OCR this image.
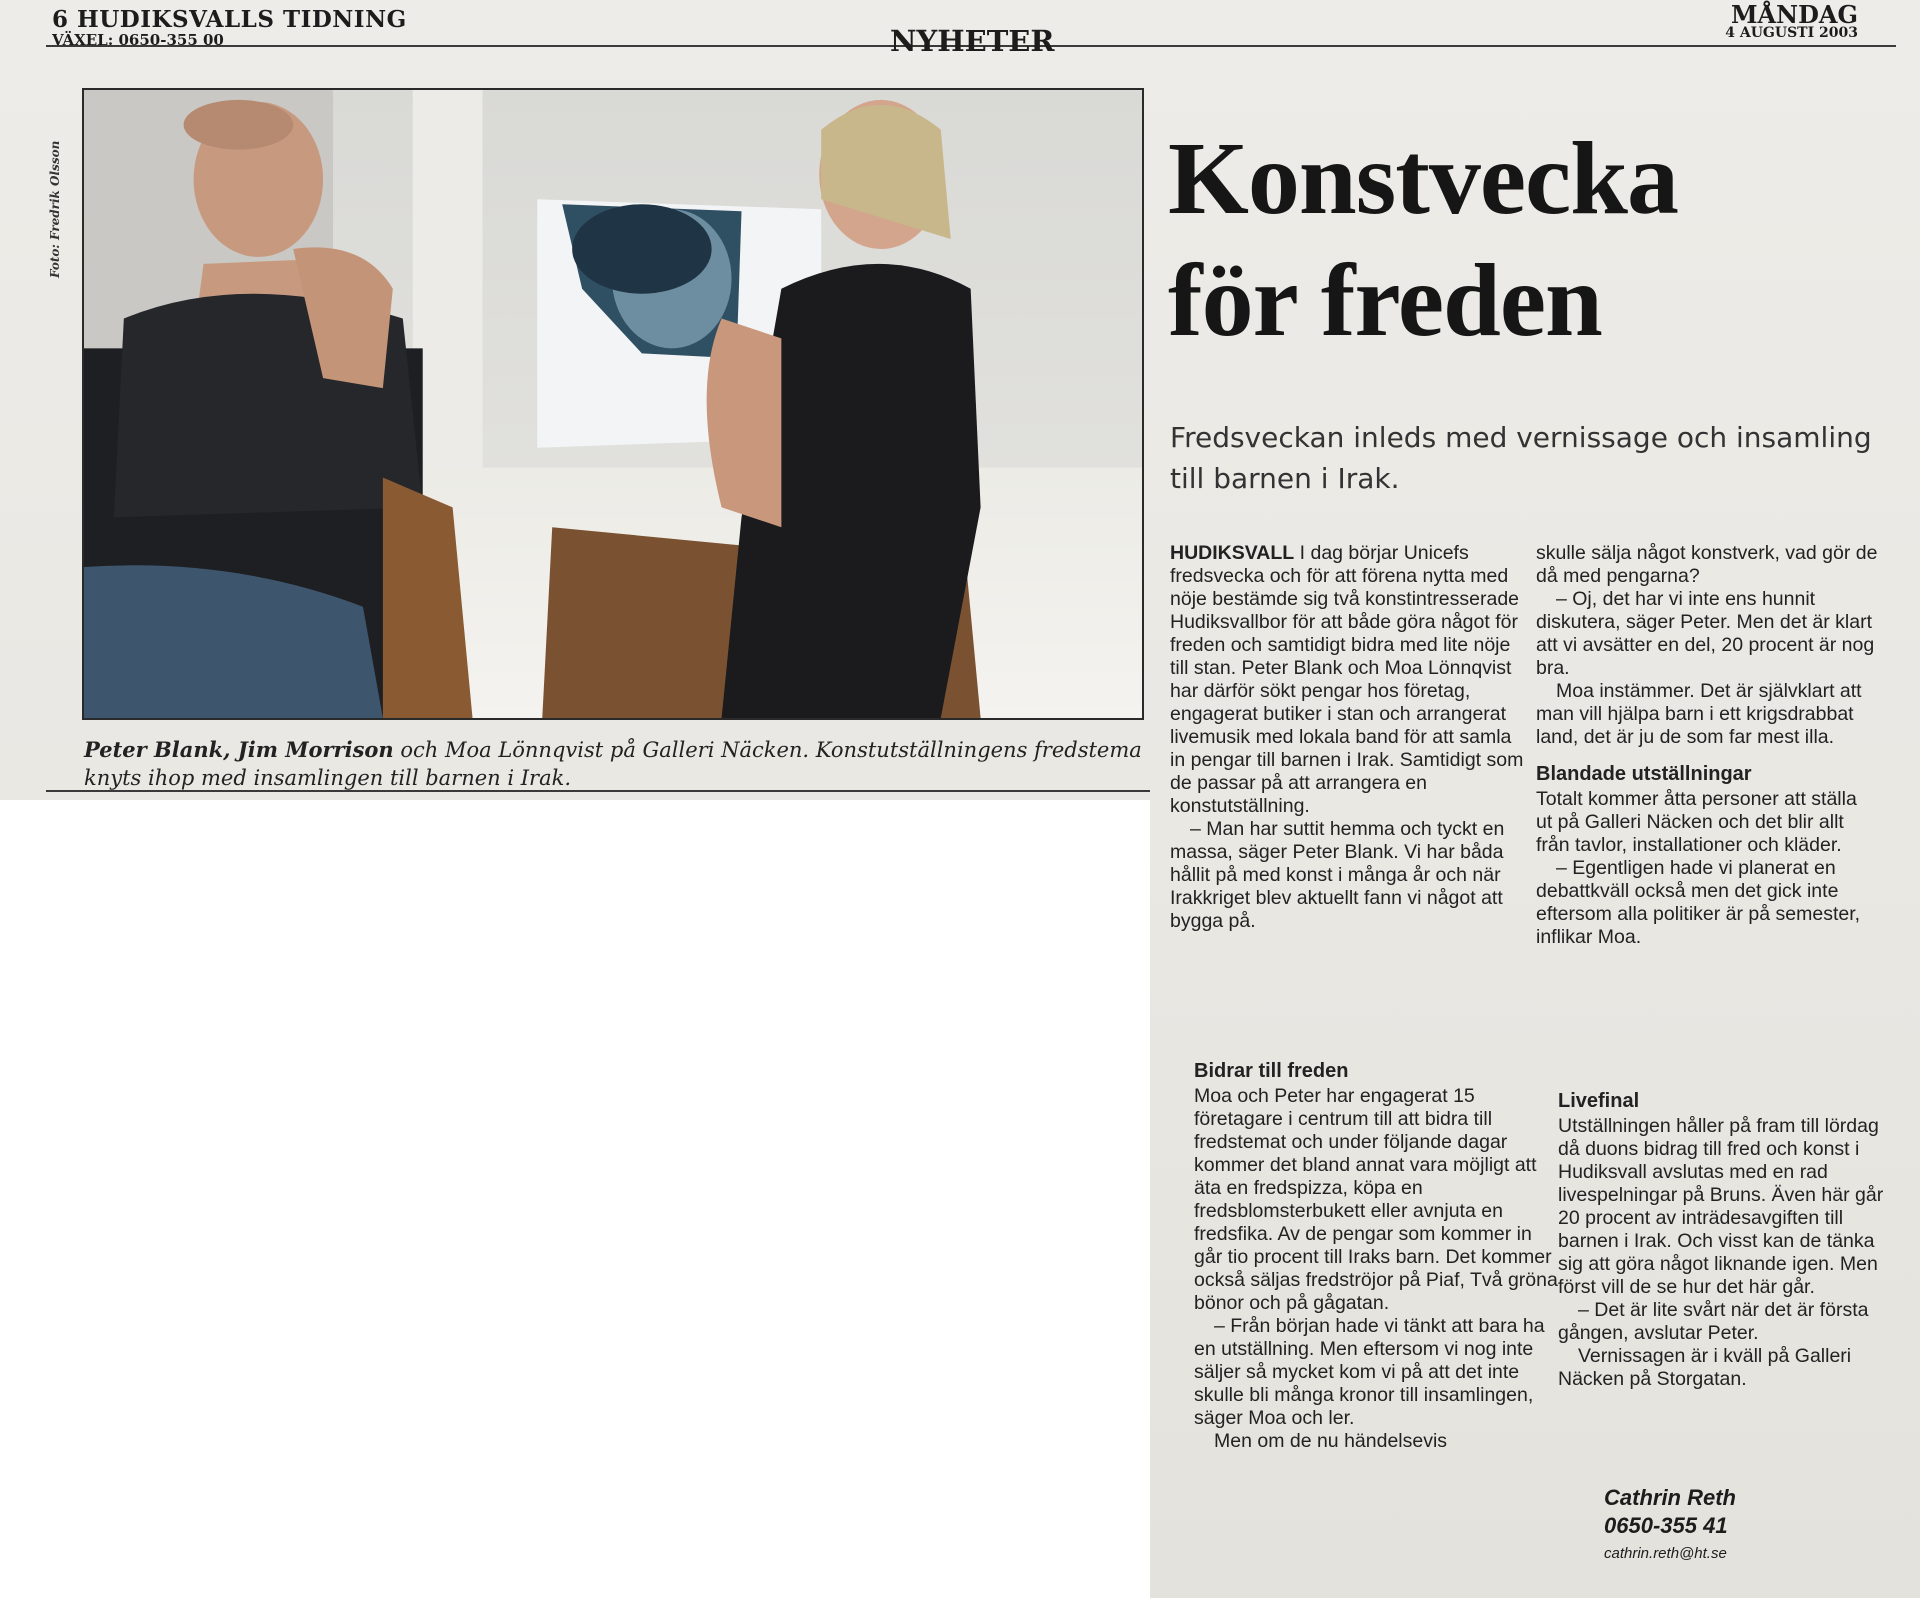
6 HUDIKSVALLS TIDNING
VÄXEL: 0650-355 00	NYHETER
MÅNDAG
4 AUGUSTI 2003
Foto: Fredrik Olsson
Peter Blank, Jim Morrison och Moa Lönnqvist på Galleri Näcken. Konstutställningens fredstema knyts ihop med insamlingen till barnen i Irak.
Konstvecka
för freden
Fredsveckan inleds med vernissage och insamling
till barnen i Irak.

HUDIKSVALL I dag börjar Unicefs fredsvecka och för att förena nytta med nöje bestämde sig två konstintresserade Hudiksvallbor för att både göra något för freden och samtidigt bidra med lite nöje till stan. Peter Blank och Moa Lönnqvist har därför sökt pengar hos företag, engagerat butiker i stan och arrangerat livemusik med lokala band för att samla in pengar till barnen i Irak. Samtidigt som de passar på att arrangera en konstutställning.

– Man har suttit hemma och tyckt en massa, säger Peter Blank. Vi har båda hållit på med konst i många år och när Irakkriget blev aktuellt fann vi något att bygga på.

Bidrar till freden

Moa och Peter har engagerat 15 företagare i centrum till att bidra till fredstemat och under följande dagar kommer det bland annat vara möjligt att äta en fredspizza, köpa en fredsblomsterbukett eller avnjuta en fredsfika. Av de pengar som kommer in går tio procent till Iraks barn. Det kommer också säljas fredströjor på Piaf, Två gröna bönor och på gågatan.

– Från början hade vi tänkt att bara ha en utställning. Men eftersom vi nog inte säljer så mycket kom vi på att det inte skulle bli många kronor till insamlingen, säger Moa och ler.

Men om de nu händelsevis

skulle sälja något konstverk, vad gör de då med pengarna?

– Oj, det har vi inte ens hunnit diskutera, säger Peter. Men det är klart att vi avsätter en del, 20 procent är nog bra.

Moa instämmer. Det är självklart att man vill hjälpa barn i ett krigsdrabbat land, det är ju de som far mest illa.

Blandade utställningar

Totalt kommer åtta personer att ställa ut på Galleri Näcken och det blir allt från tavlor, installationer och kläder.

– Egentligen hade vi planerat en debattkväll också men det gick inte eftersom alla politiker är på semester, inflikar Moa.

Livefinal

Utställningen håller på fram till lördag då duons bidrag till fred och konst i Hudiksvall avslutas med en rad livespelningar på Bruns. Även här går 20 procent av inträdesavgiften till barnen i Irak. Och visst kan de tänka sig att göra något liknande igen. Men först vill de se hur det här går.

– Det är lite svårt när det är första gången, avslutar Peter.

Vernissagen är i kväll på Galleri Näcken på Storgatan.

Cathrin Reth
0650-355 41
cathrin.reth@ht.se
